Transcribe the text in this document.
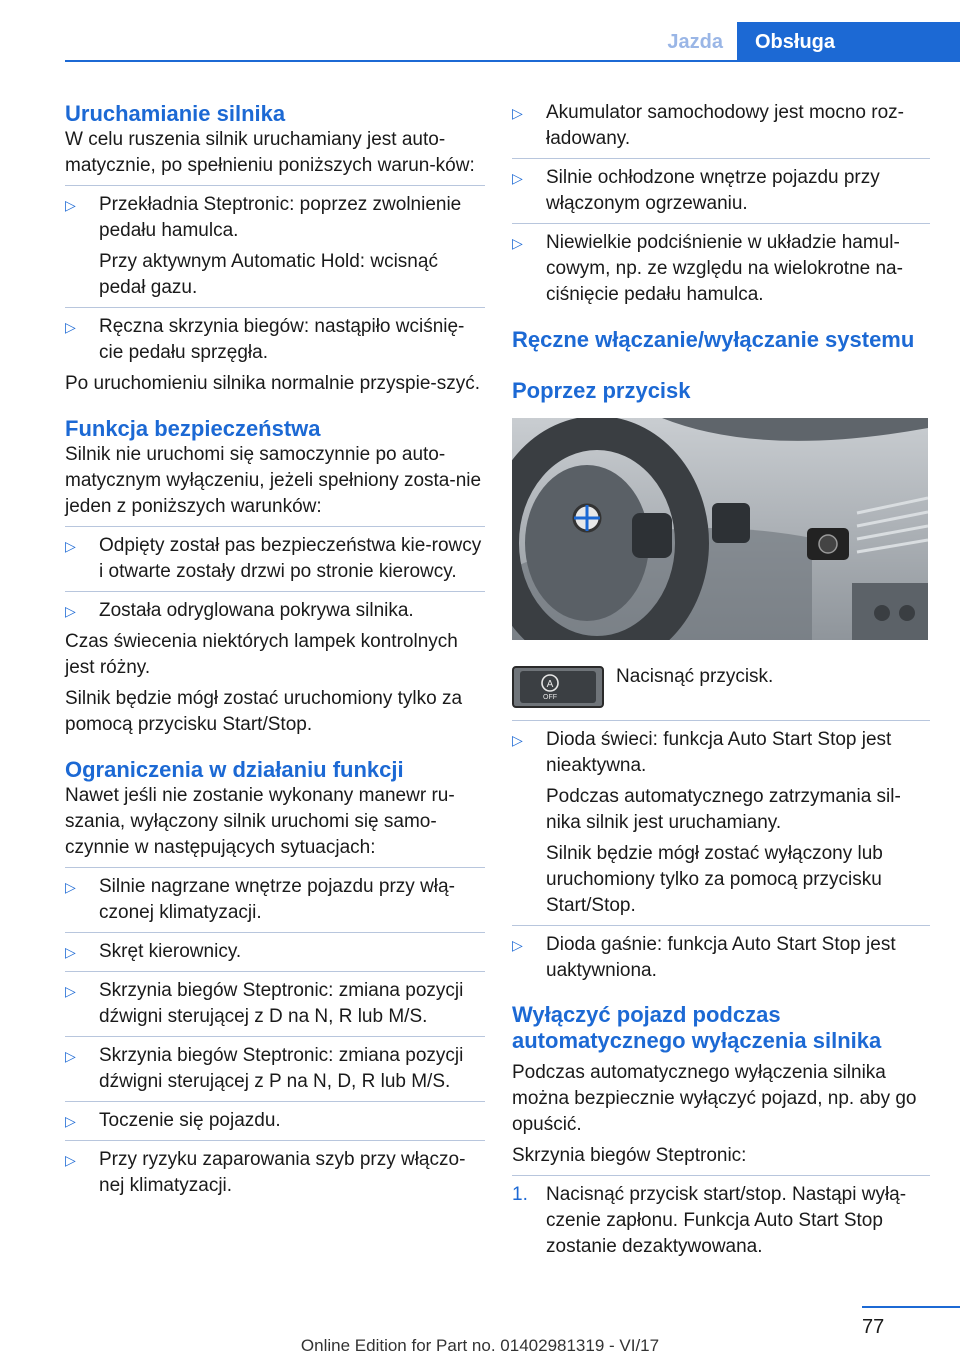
Jazda	Obsługa
Uruchamianie silnika

W celu ruszenia silnik uruchamiany jest auto-matycznie, po spełnieniu poniższych warun-ków:

▷ Przekładnia Steptronic: poprzez zwolnienie pedału hamulca.

Przy aktywnym Automatic Hold: wcisnąć pedał gazu.

▷ Ręczna skrzynia biegów: nastąpiło wciśnię-cie pedału sprzęgła.

Po uruchomieniu silnika normalnie przyspie-szyć.

Funkcja bezpieczeństwa

Silnik nie uruchomi się samoczynnie po auto-matycznym wyłączeniu, jeżeli spełniony zosta-nie jeden z poniższych warunków:

▷ Odpięty został pas bezpieczeństwa kie-rowcy i otwarte zostały drzwi po stronie kierowcy.

▷ Została odryglowana pokrywa silnika.

Czas świecenia niektórych lampek kontrolnych jest różny.

Silnik będzie mógł zostać uruchomiony tylko za pomocą przycisku Start/Stop.

Ograniczenia w działaniu funkcji

Nawet jeśli nie zostanie wykonany manewr ru-szania, wyłączony silnik uruchomi się samo-czynnie w następujących sytuacjach:

▷ Silnie nagrzane wnętrze pojazdu przy włą-czonej klimatyzacji.

▷ Skręt kierownicy.

▷ Skrzynia biegów Steptronic: zmiana pozycji dźwigni sterującej z D na N, R lub M/S.

▷ Skrzynia biegów Steptronic: zmiana pozycji dźwigni sterującej z P na N, D, R lub M/S.

▷ Toczenie się pojazdu.

▷ Przy ryzyku zaparowania szyb przy włączo-nej klimatyzacji.

▷ Akumulator samochodowy jest mocno roz-ładowany.

▷ Silnie ochłodzone wnętrze pojazdu przy włączonym ogrzewaniu.

▷ Niewielkie podciśnienie w układzie hamul-cowym, np. ze względu na wielokrotne na-ciśnięcie pedału hamulca.

Ręczne włączanie/wyłączanie systemu
Poprzez przycisk
A
OFF

Nacisnąć przycisk.

▷ Dioda świeci: funkcja Auto Start Stop jest nieaktywna.

Podczas automatycznego zatrzymania sil-nika silnik jest uruchamiany.

Silnik będzie mógł zostać wyłączony lub uruchomiony tylko za pomocą przycisku Start/Stop.

▷ Dioda gaśnie: funkcja Auto Start Stop jest uaktywniona.

Wyłączyć pojazd podczas automatycznego wyłączenia silnika

Podczas automatycznego wyłączenia silnika można bezpiecznie wyłączyć pojazd, np. aby go opuścić.

Skrzynia biegów Steptronic:

1. Nacisnąć przycisk start/stop. Nastąpi wyłą-czenie zapłonu. Funkcja Auto Start Stop zostanie dezaktywowana.

77
Online Edition for Part no. 01402981319 - VI/17
